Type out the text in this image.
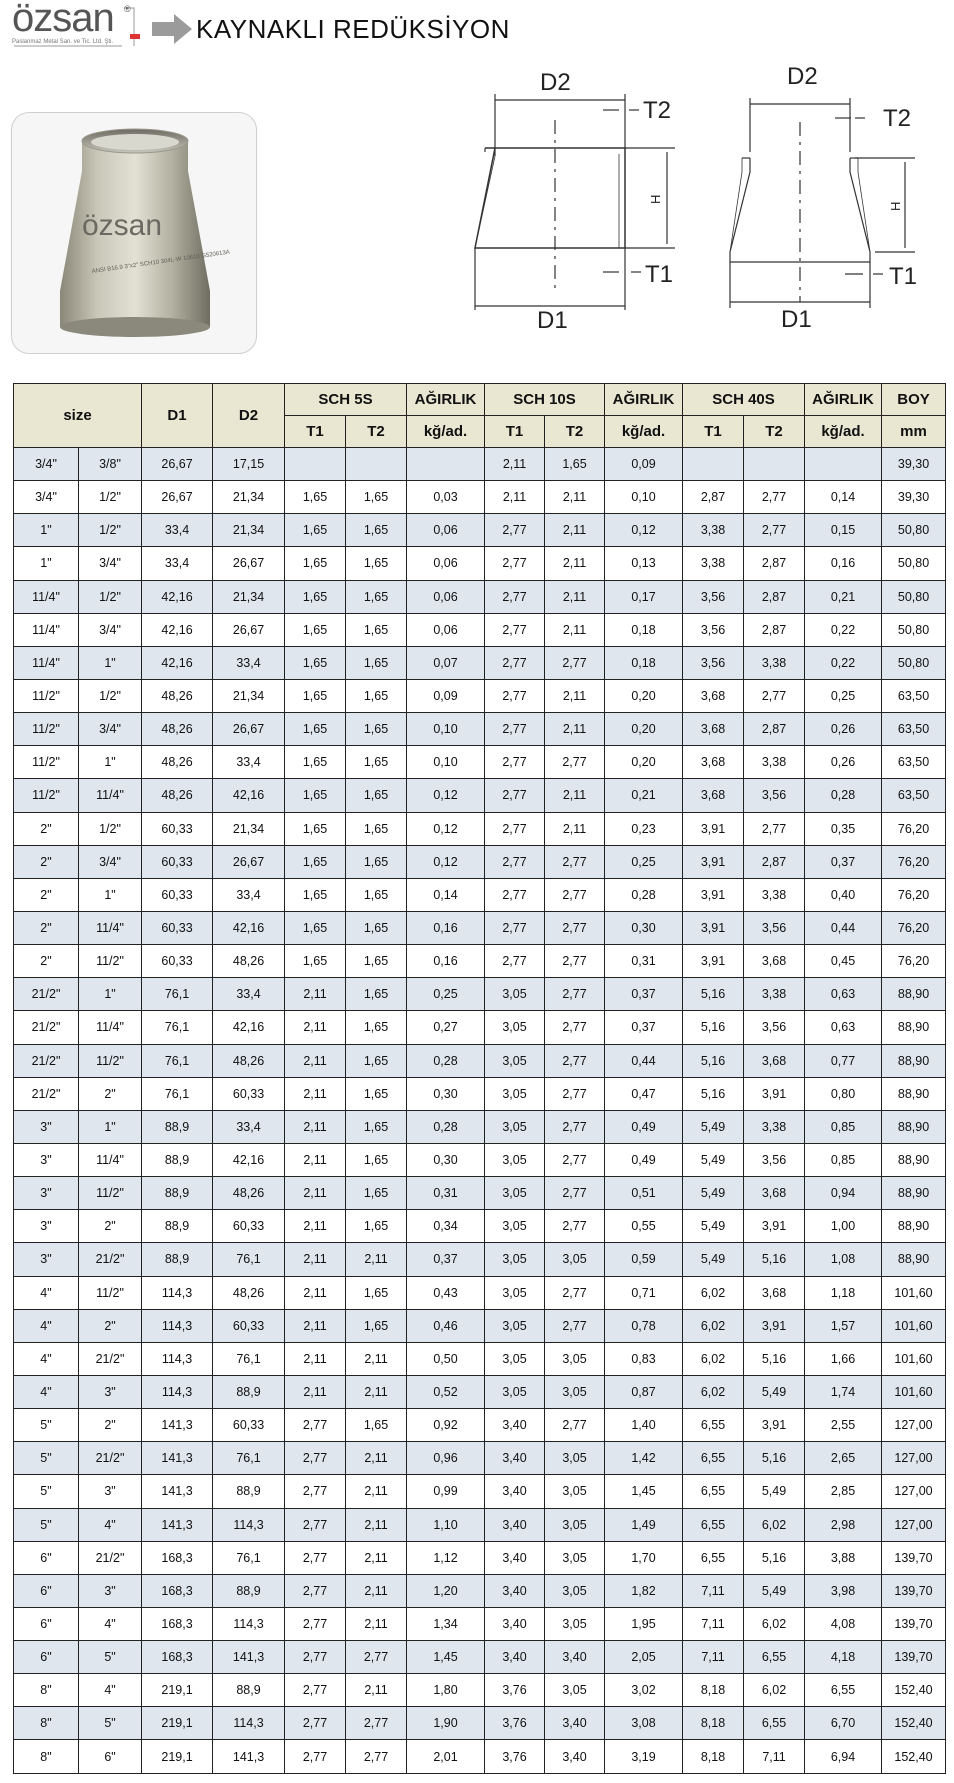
özsan ®
Paslanmaz Metal San. ve Tic. Ltd. Şti.	KAYNAKLI REDÜKSİYON
özsan
ANSI B16.9 3"x2" SCH10 304L-W 10610 G520613A
D2
T2
H
T1
D1
D2
T2
H
T1
D1
size		D1	D2	SCH 5S		AĞIRLIK	SCH 10S		AĞIRLIK	SCH 40S		AĞIRLIK	BOY
				T1	T2	kğ/ad.	T1	T2	kğ/ad.	T1	T2	kğ/ad.	mm
3/4"	3/8"	26,67	17,15				2,11	1,65	0,09				39,30
3/4"	1/2"	26,67	21,34	1,65	1,65	0,03	2,11	2,11	0,10	2,87	2,77	0,14	39,30
1"	1/2"	33,4	21,34	1,65	1,65	0,06	2,77	2,11	0,12	3,38	2,77	0,15	50,80
1"	3/4"	33,4	26,67	1,65	1,65	0,06	2,77	2,11	0,13	3,38	2,87	0,16	50,80
11/4"	1/2"	42,16	21,34	1,65	1,65	0,06	2,77	2,11	0,17	3,56	2,87	0,21	50,80
11/4"	3/4"	42,16	26,67	1,65	1,65	0,06	2,77	2,11	0,18	3,56	2,87	0,22	50,80
11/4"	1"	42,16	33,4	1,65	1,65	0,07	2,77	2,77	0,18	3,56	3,38	0,22	50,80
11/2"	1/2"	48,26	21,34	1,65	1,65	0,09	2,77	2,11	0,20	3,68	2,77	0,25	63,50
11/2"	3/4"	48,26	26,67	1,65	1,65	0,10	2,77	2,11	0,20	3,68	2,87	0,26	63,50
11/2"	1"	48,26	33,4	1,65	1,65	0,10	2,77	2,77	0,20	3,68	3,38	0,26	63,50
11/2"	11/4"	48,26	42,16	1,65	1,65	0,12	2,77	2,11	0,21	3,68	3,56	0,28	63,50
2"	1/2"	60,33	21,34	1,65	1,65	0,12	2,77	2,11	0,23	3,91	2,77	0,35	76,20
2"	3/4"	60,33	26,67	1,65	1,65	0,12	2,77	2,77	0,25	3,91	2,87	0,37	76,20
2"	1"	60,33	33,4	1,65	1,65	0,14	2,77	2,77	0,28	3,91	3,38	0,40	76,20
2"	11/4"	60,33	42,16	1,65	1,65	0,16	2,77	2,77	0,30	3,91	3,56	0,44	76,20
2"	11/2"	60,33	48,26	1,65	1,65	0,16	2,77	2,77	0,31	3,91	3,68	0,45	76,20
21/2"	1"	76,1	33,4	2,11	1,65	0,25	3,05	2,77	0,37	5,16	3,38	0,63	88,90
21/2"	11/4"	76,1	42,16	2,11	1,65	0,27	3,05	2,77	0,37	5,16	3,56	0,63	88,90
21/2"	11/2"	76,1	48,26	2,11	1,65	0,28	3,05	2,77	0,44	5,16	3,68	0,77	88,90
21/2"	2"	76,1	60,33	2,11	1,65	0,30	3,05	2,77	0,47	5,16	3,91	0,80	88,90
3"	1"	88,9	33,4	2,11	1,65	0,28	3,05	2,77	0,49	5,49	3,38	0,85	88,90
3"	11/4"	88,9	42,16	2,11	1,65	0,30	3,05	2,77	0,49	5,49	3,56	0,85	88,90
3"	11/2"	88,9	48,26	2,11	1,65	0,31	3,05	2,77	0,51	5,49	3,68	0,94	88,90
3"	2"	88,9	60,33	2,11	1,65	0,34	3,05	2,77	0,55	5,49	3,91	1,00	88,90
3"	21/2"	88,9	76,1	2,11	2,11	0,37	3,05	3,05	0,59	5,49	5,16	1,08	88,90
4"	11/2"	114,3	48,26	2,11	1,65	0,43	3,05	2,77	0,71	6,02	3,68	1,18	101,60
4"	2"	114,3	60,33	2,11	1,65	0,46	3,05	2,77	0,78	6,02	3,91	1,57	101,60
4"	21/2"	114,3	76,1	2,11	2,11	0,50	3,05	3,05	0,83	6,02	5,16	1,66	101,60
4"	3"	114,3	88,9	2,11	2,11	0,52	3,05	3,05	0,87	6,02	5,49	1,74	101,60
5"	2"	141,3	60,33	2,77	1,65	0,92	3,40	2,77	1,40	6,55	3,91	2,55	127,00
5"	21/2"	141,3	76,1	2,77	2,11	0,96	3,40	3,05	1,42	6,55	5,16	2,65	127,00
5"	3"	141,3	88,9	2,77	2,11	0,99	3,40	3,05	1,45	6,55	5,49	2,85	127,00
5"	4"	141,3	114,3	2,77	2,11	1,10	3,40	3,05	1,49	6,55	6,02	2,98	127,00
6"	21/2"	168,3	76,1	2,77	2,11	1,12	3,40	3,05	1,70	6,55	5,16	3,88	139,70
6"	3"	168,3	88,9	2,77	2,11	1,20	3,40	3,05	1,82	7,11	5,49	3,98	139,70
6"	4"	168,3	114,3	2,77	2,11	1,34	3,40	3,05	1,95	7,11	6,02	4,08	139,70
6"	5"	168,3	141,3	2,77	2,77	1,45	3,40	3,40	2,05	7,11	6,55	4,18	139,70
8"	4"	219,1	88,9	2,77	2,11	1,80	3,76	3,05	3,02	8,18	6,02	6,55	152,40
8"	5"	219,1	114,3	2,77	2,77	1,90	3,76	3,40	3,08	8,18	6,55	6,70	152,40
8"	6"	219,1	141,3	2,77	2,77	2,01	3,76	3,40	3,19	8,18	7,11	6,94	152,40
